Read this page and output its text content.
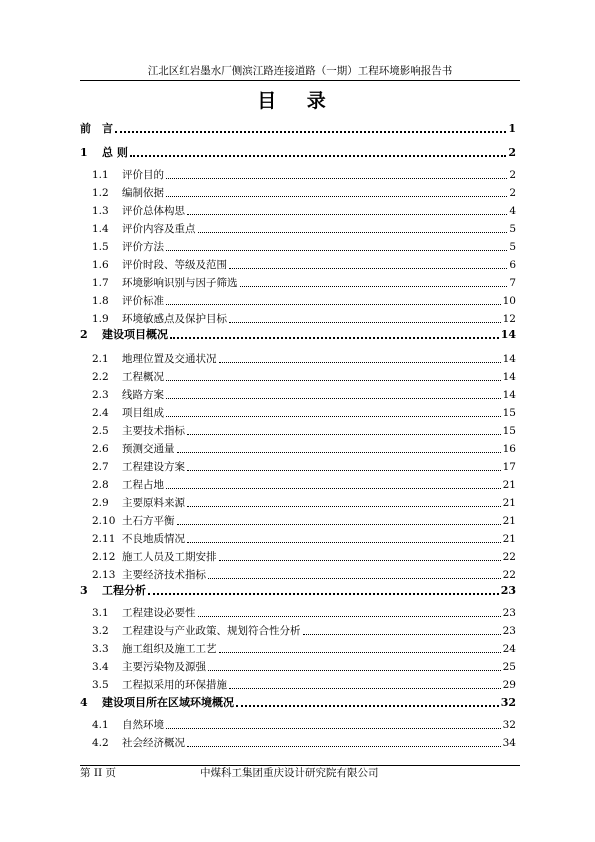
江北区红岩墨水厂侧滨江路连接道路（一期）工程环境影响报告书
目 录
前　言	1
1	总 则	2
1.1	评价目的	2
1.2	编制依据	2
1.3	评价总体构思	4
1.4	评价内容及重点	5
1.5	评价方法	5
1.6	评价时段、等级及范围	6
1.7	环境影响识别与因子筛选	7
1.8	评价标准	10
1.9	环境敏感点及保护目标	12
2	建设项目概况	14
2.1	地理位置及交通状况	14
2.2	工程概况	14
2.3	线路方案	14
2.4	项目组成	15
2.5	主要技术指标	15
2.6	预测交通量	16
2.7	工程建设方案	17
2.8	工程占地	21
2.9	主要原料来源	21
2.10 土石方平衡	21
2.11 不良地质情况	21
2.12 施工人员及工期安排	22
2.13 主要经济技术指标	22
3	工程分析	23
3.1	工程建设必要性	23
3.2	工程建设与产业政策、规划符合性分析	23
3.3	施工组织及施工工艺	24
3.4	主要污染物及源强	25
3.5	工程拟采用的环保措施	29
4	建设项目所在区域环境概况	32
4.1	自然环境	32
4.2	社会经济概况	34
第 II 页	中煤科工集团重庆设计研究院有限公司
